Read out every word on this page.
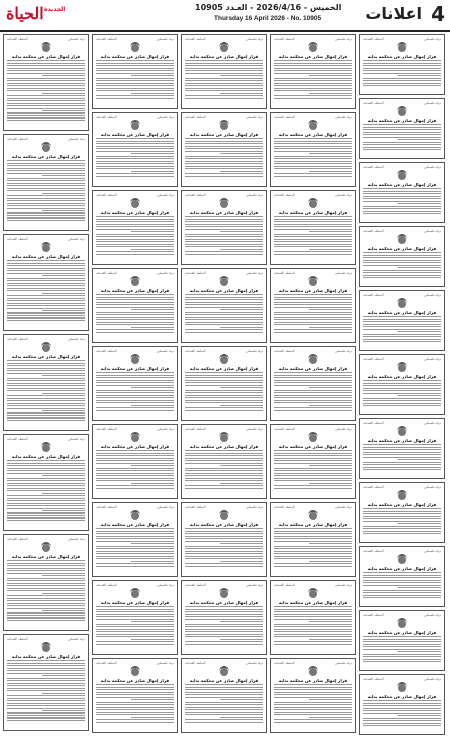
الحياة الجديدة	الخميس - 2026/4/16 - العـدد 10905
Thursday 16 April 2026 - No. 10905	اعلانات 4
السلطة القضائية	دولة فلسطين
قرار إمهال صادر عن محكمة بداية
السلطة القضائية	دولة فلسطين
قرار إمهال صادر عن محكمة بداية
السلطة القضائية	دولة فلسطين
قرار إمهال صادر عن محكمة بداية
السلطة القضائية	دولة فلسطين
قرار إمهال صادر عن محكمة بداية
السلطة القضائية	دولة فلسطين
قرار إمهال صادر عن محكمة بداية
السلطة القضائية	دولة فلسطين
قرار إمهال صادر عن محكمة بداية
السلطة القضائية	دولة فلسطين
قرار إمهال صادر عن محكمة بداية
السلطة القضائية	دولة فلسطين
قرار إمهال صادر عن محكمة بداية
السلطة القضائية	دولة فلسطين
قرار إمهال صادر عن محكمة بداية
السلطة القضائية	دولة فلسطين
قرار إمهال صادر عن محكمة بداية
السلطة القضائية	دولة فلسطين
قرار إمهال صادر عن محكمة بداية
السلطة القضائية	دولة فلسطين
قرار إمهال صادر عن محكمة بداية
السلطة القضائية	دولة فلسطين
قرار إمهال صادر عن محكمة بداية
السلطة القضائية	دولة فلسطين
قرار إمهال صادر عن محكمة بداية
السلطة القضائية	دولة فلسطين
قرار إمهال صادر عن محكمة بداية
السلطة القضائية	دولة فلسطين
قرار إمهال صادر عن محكمة بداية
السلطة القضائية	دولة فلسطين
قرار إمهال صادر عن محكمة بداية
السلطة القضائية	دولة فلسطين
قرار إمهال صادر عن محكمة بداية
السلطة القضائية	دولة فلسطين
قرار إمهال صادر عن محكمة بداية
السلطة القضائية	دولة فلسطين
قرار إمهال صادر عن محكمة بداية
السلطة القضائية	دولة فلسطين
قرار إمهال صادر عن محكمة بداية
السلطة القضائية	دولة فلسطين
قرار إمهال صادر عن محكمة بداية
السلطة القضائية	دولة فلسطين
قرار إمهال صادر عن محكمة بداية
السلطة القضائية	دولة فلسطين
قرار إمهال صادر عن محكمة بداية
السلطة القضائية	دولة فلسطين
قرار إمهال صادر عن محكمة بداية
السلطة القضائية	دولة فلسطين
قرار إمهال صادر عن محكمة بداية
السلطة القضائية	دولة فلسطين
قرار إمهال صادر عن محكمة بداية
السلطة القضائية	دولة فلسطين
قرار إمهال صادر عن محكمة بداية
السلطة القضائية	دولة فلسطين
قرار إمهال صادر عن محكمة بداية
السلطة القضائية	دولة فلسطين
قرار إمهال صادر عن محكمة بداية
السلطة القضائية	دولة فلسطين
قرار إمهال صادر عن محكمة بداية
السلطة القضائية	دولة فلسطين
قرار إمهال صادر عن محكمة بداية
السلطة القضائية	دولة فلسطين
قرار إمهال صادر عن محكمة بداية
السلطة القضائية	دولة فلسطين
قرار إمهال صادر عن محكمة بداية
السلطة القضائية	دولة فلسطين
قرار إمهال صادر عن محكمة بداية
السلطة القضائية	دولة فلسطين
قرار إمهال صادر عن محكمة بداية
السلطة القضائية	دولة فلسطين
قرار إمهال صادر عن محكمة بداية
السلطة القضائية	دولة فلسطين
قرار إمهال صادر عن محكمة بداية
السلطة القضائية	دولة فلسطين
قرار إمهال صادر عن محكمة بداية
السلطة القضائية	دولة فلسطين
قرار إمهال صادر عن محكمة بداية
السلطة القضائية	دولة فلسطين
قرار إمهال صادر عن محكمة بداية
السلطة القضائية	دولة فلسطين
قرار إمهال صادر عن محكمة بداية
السلطة القضائية	دولة فلسطين
قرار إمهال صادر عن محكمة بداية
السلطة القضائية	دولة فلسطين
قرار إمهال صادر عن محكمة بداية
السلطة القضائية	دولة فلسطين
قرار إمهال صادر عن محكمة بداية
